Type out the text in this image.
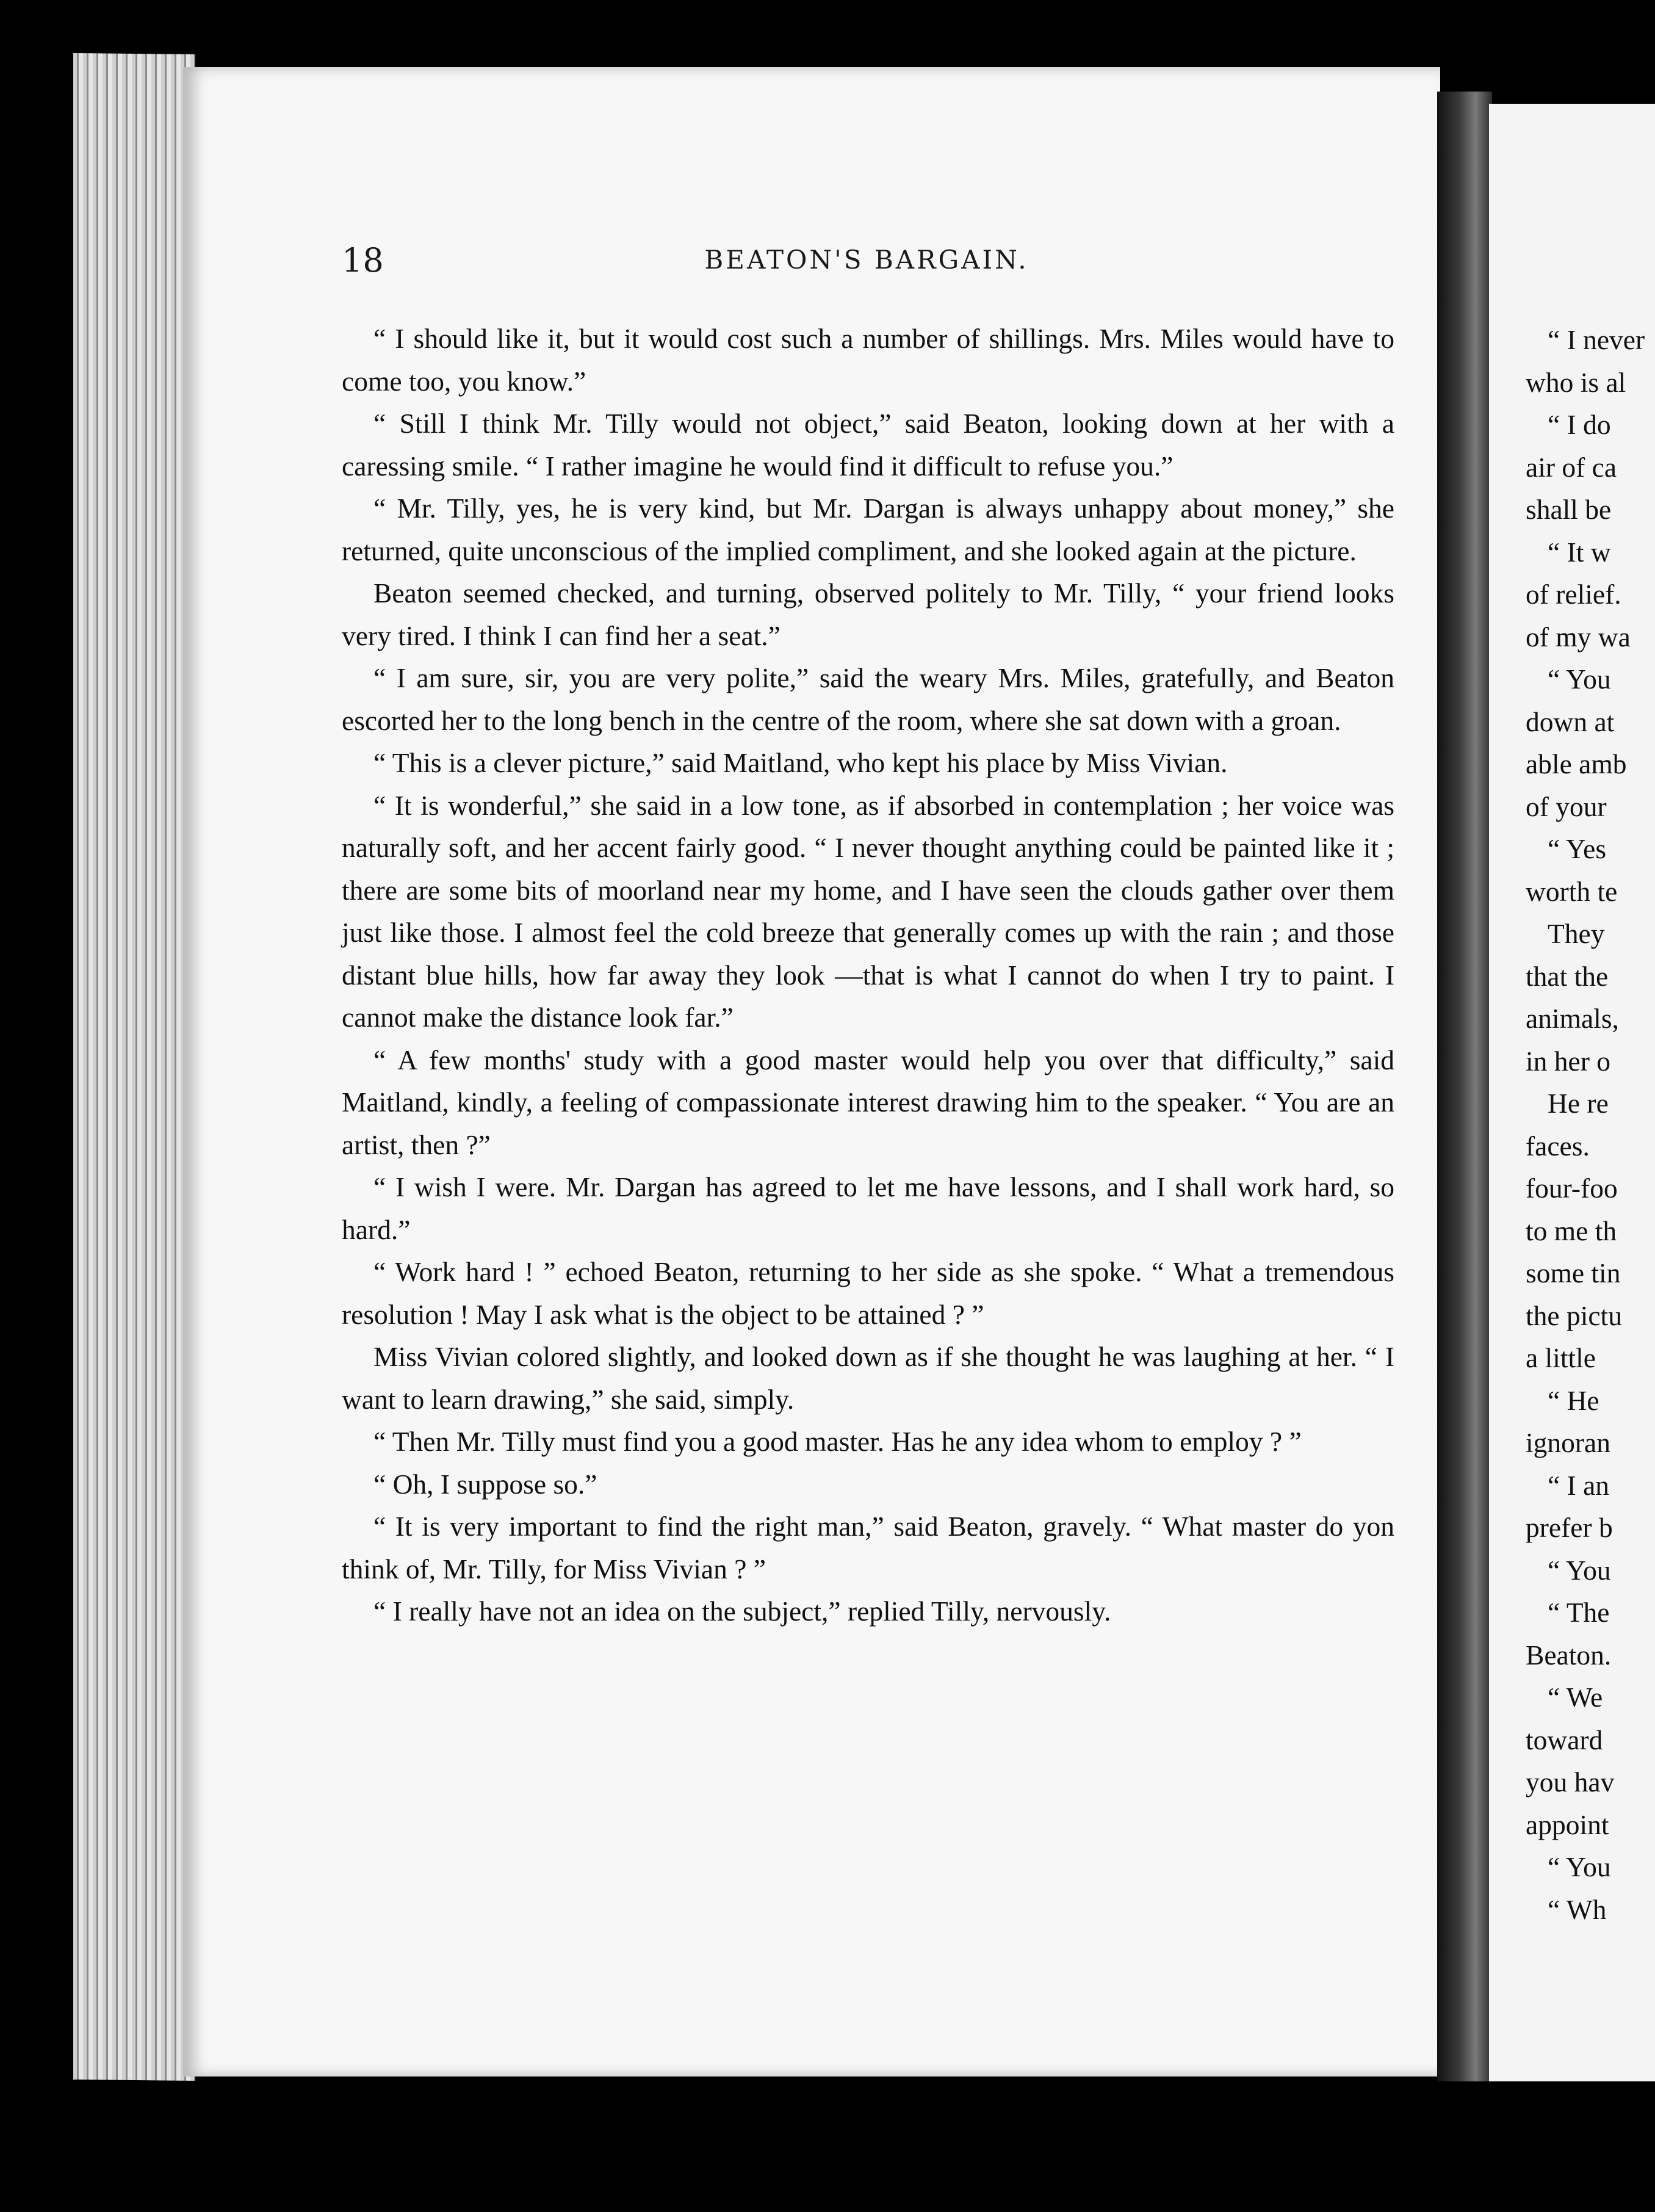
18	BEATON'S BARGAIN.

“ I should like it, but it would cost such a number of shillings. Mrs. Miles would have to come too, you know.”

“ Still I think Mr. Tilly would not object,” said Beaton, looking down at her with a caressing smile. “ I rather imagine he would find it difficult to refuse you.”

“ Mr. Tilly, yes, he is very kind, but Mr. Dargan is always unhappy about money,” she returned, quite unconscious of the implied compliment, and she looked again at the picture.

Beaton seemed checked, and turning, observed politely to Mr. Tilly, “ your friend looks very tired. I think I can find her a seat.”

“ I am sure, sir, you are very polite,” said the weary Mrs. Miles, gratefully, and Beaton escorted her to the long bench in the centre of the room, where she sat down with a groan.

“ This is a clever picture,” said Maitland, who kept his place by Miss Vivian.

“ It is wonderful,” she said in a low tone, as if absorbed in contemplation ; her voice was naturally soft, and her accent fairly good. “ I never thought anything could be painted like it ; there are some bits of moorland near my home, and I have seen the clouds gather over them just like those. I almost feel the cold breeze that generally comes up with the rain ; and those distant blue hills, how far away they look —that is what I cannot do when I try to paint. I cannot make the distance look far.”

“ A few months' study with a good master would help you over that difficulty,” said Maitland, kindly, a feeling of compassionate interest drawing him to the speaker. “ You are an artist, then ?”

“ I wish I were. Mr. Dargan has agreed to let me have lessons, and I shall work hard, so hard.”

“ Work hard ! ” echoed Beaton, returning to her side as she spoke. “ What a tremendous resolution ! May I ask what is the object to be attained ? ”

Miss Vivian colored slightly, and looked down as if she thought he was laughing at her. “ I want to learn drawing,” she said, simply.

“ Then Mr. Tilly must find you a good master. Has he any idea whom to employ ? ”

“ Oh, I suppose so.”

“ It is very important to find the right man,” said Beaton, gravely. “ What master do yon think of, Mr. Tilly, for Miss Vivian ? ”

“ I really have not an idea on the subject,” replied Tilly, nervously.

“ I never
who is al
“ I do
air of ca
shall be
“ It w
of relief.
of my wa
“ You
down at
able amb
of your
“ Yes
worth te
They
that the
animals,
in her o
He re
faces.
four-foo
to me th
some tin
the pictu
a little
“ He
ignoran
“ I an
prefer b
“ You
“ The
Beaton.
“ We
toward
you hav
appoint
“ You
“ Wh
